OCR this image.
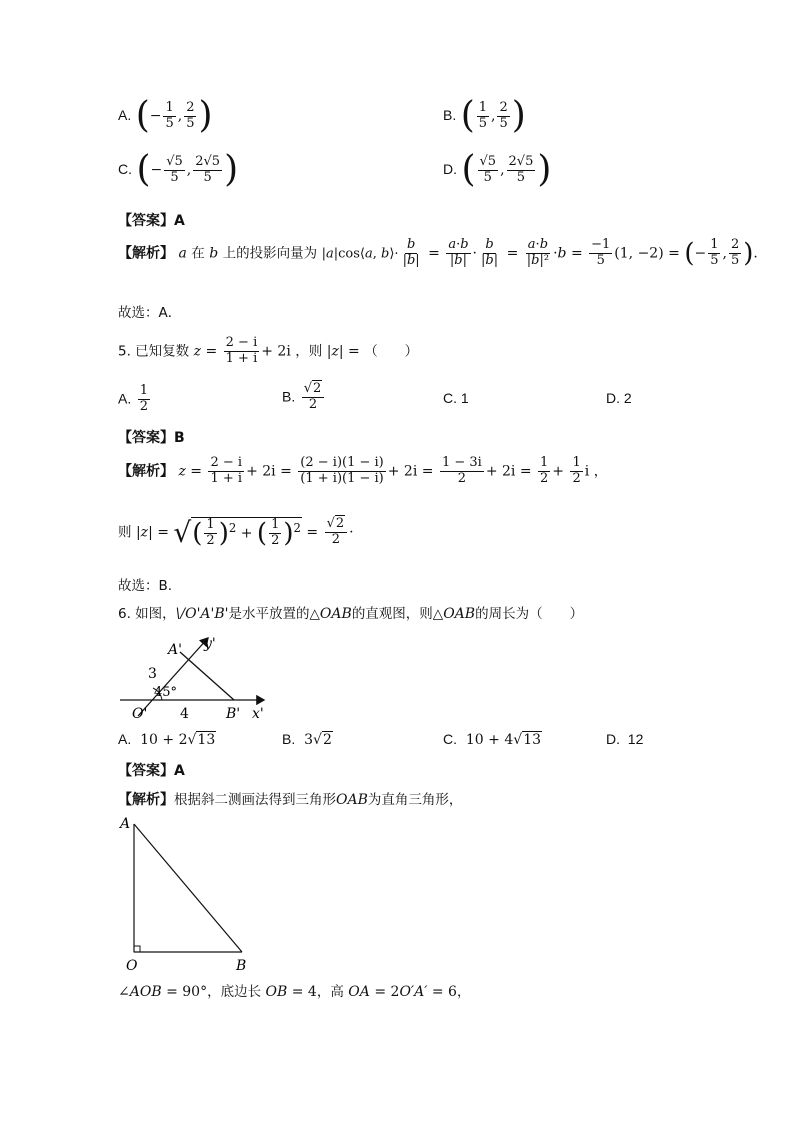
A. (− $\frac{1}{5}$ , $\frac{2}{5}$ )	B. ( $\frac{1}{5}$ , $\frac{2}{5}$ )
C. (− $\frac{√5}{5}$ , $\frac{2√5}{5}$ )	D. ( $\frac{√5}{5}$ , $\frac{2√5}{5}$ )
【答案】A
【解析】 a 在 b 上的投影向量为 |a|cos⟨a, b⟩· $\frac{b}{|b|} = \frac{a\cdot b}{|b|} \cdot \frac{b}{|b|} = \frac{a\cdot b}{\text{|b|²}} \cdot b = \frac{-1}{5} (1$, −2) = (− $\frac{1}{5}$ , $\frac{2}{5}$ ).
故选：A．
5. 已知复数 $z = \frac{2 - i}{1 + i} + 2i$ ，则 |z| = （　　）
A. $\frac{1}{2}$	B. $\frac{√2}{2}$	C. 1	D. 2
【答案】B
【解析】 $z = \frac{2 - i}{1 + i} + 2i = \frac{(2 - i)(1 - i)}{(1 + i)(1 - i)} + 2i = \frac{1 - 3i}{2} + 2i = \frac{1}{2} + \frac{1}{2}$ i ，
则 |z| = √( $\frac{1}{2} )^2$ + ( $\frac{1}{2} )^2 = \frac{√2}{2}$ ·
故选：B.
6. 如图，\/O'A'B'是水平放置的△OAB的直观图，则△OAB的周长为（　　）
y'
A'
3
45°
O' 4	B' x'
A.  10 + 2√13	B.  3√2	C.  10 + 4√13	D. 12
【答案】A
【解析】根据斜二测画法得到三角形OAB为直角三角形，
A
O	B
∠AOB = 90°，底边长 OB = 4，高 OA = 2O′A′ = 6，
